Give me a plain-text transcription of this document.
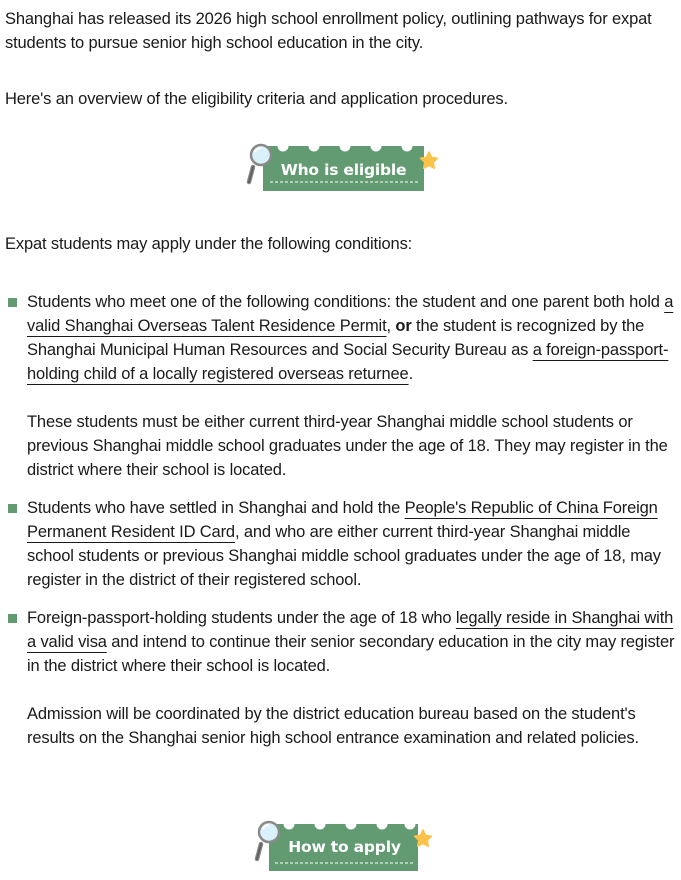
Shanghai has released its 2026 high school enrollment policy, outlining pathways for expat students to pursue senior high school education in the city.

Here's an overview of the eligibility criteria and application procedures.

Who is eligible

Expat students may apply under the following conditions:

Students who meet one of the following conditions: the student and one parent both hold a valid Shanghai Overseas Talent Residence Permit, or the student is recognized by the Shanghai Municipal Human Resources and Social Security Bureau as a foreign-passport-holding child of a locally registered overseas returnee.
These students must be either current third-year Shanghai middle school students or previous Shanghai middle school graduates under the age of 18. They may register in the district where their school is located.
Students who have settled in Shanghai and hold the People's Republic of China Foreign Permanent Resident ID Card, and who are either current third-year Shanghai middle school students or previous Shanghai middle school graduates under the age of 18, may register in the district of their registered school.
Foreign-passport-holding students under the age of 18 who legally reside in Shanghai with a valid visa and intend to continue their senior secondary education in the city may register in the district where their school is located.
Admission will be coordinated by the district education bureau based on the student's results on the Shanghai senior high school entrance examination and related policies.
How to apply
